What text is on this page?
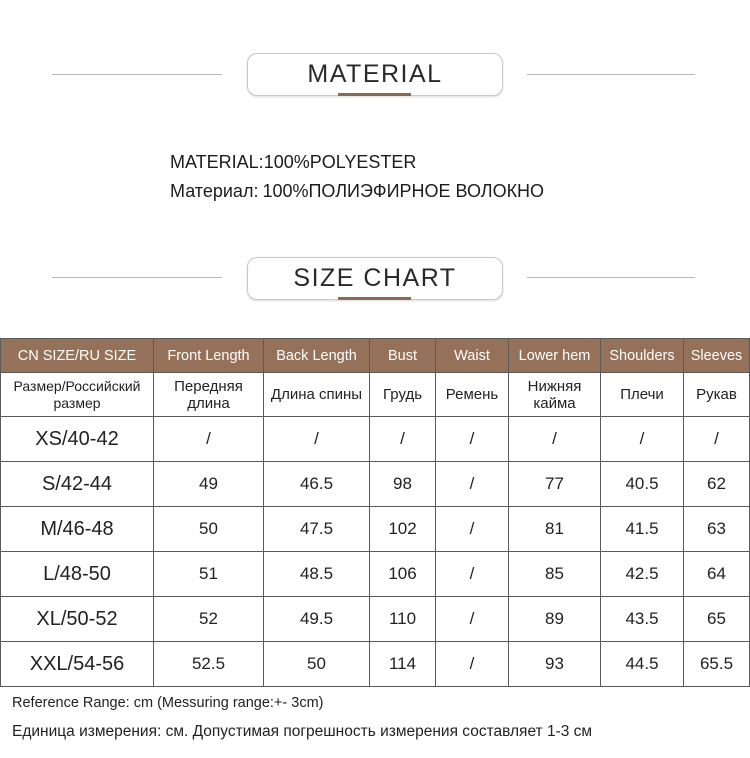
MATERIAL
MATERIAL:100%POLYESTER
Материал: 100%ПОЛИЭФИРНОЕ ВОЛОКНО
SIZE CHART
CN SIZE/RU SIZE	Front Length	Back Length	Bust	Waist	Lower hem	Shoulders	Sleeves
Размер/Российский размер	Передняя длина	Длина спины	Грудь	Ремень	Нижняя кайма	Плечи	Рукав
XS/40-42	/	/	/	/	/	/	/
S/42-44	49	46.5	98	/	77	40.5	62
M/46-48	50	47.5	102	/	81	41.5	63
L/48-50	51	48.5	106	/	85	42.5	64
XL/50-52	52	49.5	110	/	89	43.5	65
XXL/54-56	52.5	50	114	/	93	44.5	65.5
Reference Range: cm (Messuring range:+- 3cm)
Единица измерения: см. Допустимая погрешность измерения составляет 1-3 см
